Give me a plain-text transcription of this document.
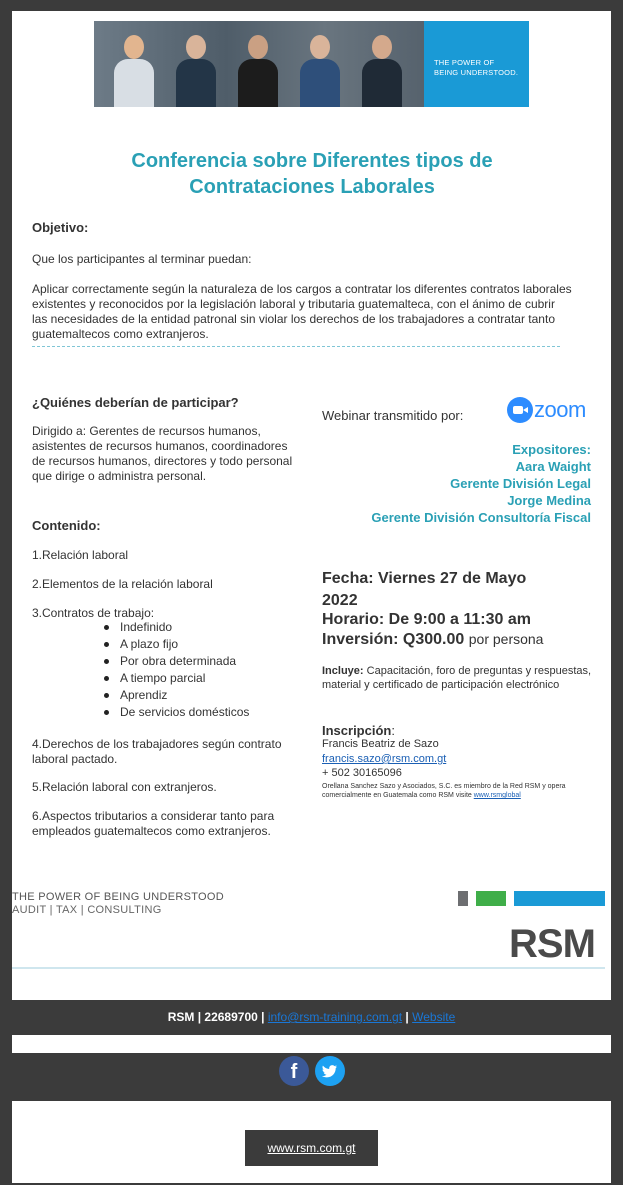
THE POWER OF
BEING UNDERSTOOD.
Conferencia sobre Diferentes tipos de
Contrataciones Laborales
Objetivo:
Que los participantes al terminar puedan:
Aplicar correctamente según la naturaleza de los cargos a contratar los diferentes contratos laborales existentes y reconocidos por la legislación laboral y tributaria guatemalteca, con el ánimo de cubrir las necesidades de la entidad patronal sin violar los derechos de los trabajadores a contratar tanto guatemaltecos como extranjeros.
¿Quiénes deberían de participar?
Dirigido a: Gerentes de recursos humanos, asistentes de recursos humanos, coordinadores de recursos humanos, directores y todo personal que dirige o administra personal.
Webinar transmitido por:	zoom
Expositores:
Aara Waight
Gerente División Legal
Jorge Medina
Gerente División Consultoría Fiscal
Contenido:
1.Relación laboral
2.Elementos de la relación laboral
3.Contratos de trabajo:
Indefinido
A plazo fijo
Por obra determinada
A tiempo parcial
Aprendiz
De servicios domésticos
4.Derechos de los trabajadores según contrato laboral pactado.
5.Relación laboral con extranjeros.
6.Aspectos tributarios a considerar tanto para empleados guatemaltecos como extranjeros.
Fecha: Viernes 27 de Mayo
2022
Horario: De 9:00 a 11:30 am
Inversión: Q300.00 por persona
Incluye: Capacitación, foro de preguntas y respuestas, material y certificado de participación electrónico
Inscripción:
Francis Beatriz de Sazo
francis.sazo@rsm.com.gt
+ 502 30165096
Orellana Sanchez Sazo y Asociados, S.C. es miembro de la Red RSM y opera comercialmente en Guatemala como RSM visite www.rsmglobal
THE POWER OF BEING UNDERSTOOD
AUDIT | TAX | CONSULTING
RSM
RSM | 22689700 | info@rsm-training.com.gt | Website
f
www.rsm.com.gt
